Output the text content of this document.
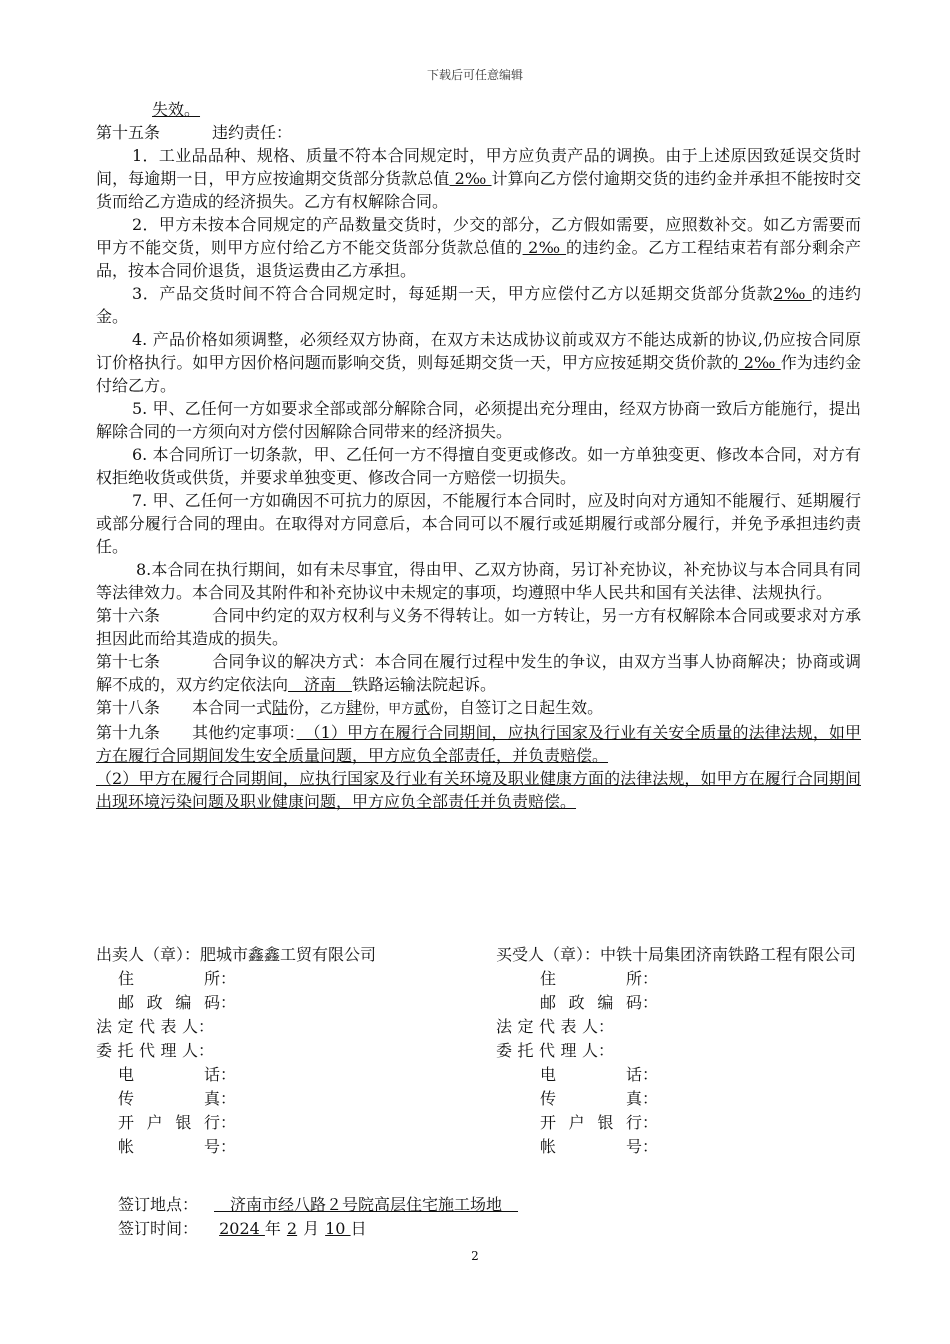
下载后可任意编辑

失效。

第十五条	违约责任：

1．工业品品种、规格、质量不符本合同规定时，甲方应负责产品的调换。由于上述原因致延误交货时间，每逾期一日，甲方应按逾期交货部分货款总值 2‰ 计算向乙方偿付逾期交货的违约金并承担不能按时交货而给乙方造成的经济损失。乙方有权解除合同。

2．甲方未按本合同规定的产品数量交货时，少交的部分，乙方假如需要，应照数补交。如乙方需要而甲方不能交货，则甲方应付给乙方不能交货部分货款总值的 2‰ 的违约金。乙方工程结束若有部分剩余产品，按本合同价退货，退货运费由乙方承担。

3．产品交货时间不符合合同规定时，每延期一天，甲方应偿付乙方以延期交货部分货款2‰ 的违约金。

4. 产品价格如须调整，必须经双方协商，在双方未达成协议前或双方不能达成新的协议,仍应按合同原订价格执行。如甲方因价格问题而影响交货，则每延期交货一天，甲方应按延期交货价款的 2‰ 作为违约金付给乙方。

5. 甲、乙任何一方如要求全部或部分解除合同，必须提出充分理由，经双方协商一致后方能施行，提出解除合同的一方须向对方偿付因解除合同带来的经济损失。

6. 本合同所订一切条款，甲、乙任何一方不得擅自变更或修改。如一方单独变更、修改本合同，对方有权拒绝收货或供货，并要求单独变更、修改合同一方赔偿一切损失。

7. 甲、乙任何一方如确因不可抗力的原因，不能履行本合同时，应及时向对方通知不能履行、延期履行或部分履行合同的理由。在取得对方同意后，本合同可以不履行或延期履行或部分履行，并免予承担违约责任。

8.本合同在执行期间，如有未尽事宜，得由甲、乙双方协商，另订补充协议，补充协议与本合同具有同等法律效力。本合同及其附件和补充协议中未规定的事项，均遵照中华人民共和国有关法律、法规执行。

第十六条	合同中约定的双方权利与义务不得转让。如一方转让，另一方有权解除本合同或要求对方承担因此而给其造成的损失。

第十七条	合同争议的解决方式：本合同在履行过程中发生的争议，由双方当事人协商解决；协商或调解不成的，双方约定依法向　济南　铁路运输法院起诉。

第十八条 本合同一式陆份，乙方肆份，甲方贰份，自签订之日起生效。

第十九条 其他约定事项：　（1）甲方在履行合同期间，应执行国家及行业有关安全质量的法律法规，如甲方在履行合同期间发生安全质量问题，甲方应负全部责任，并负责赔偿。

（2）甲方在履行合同期间，应执行国家及行业有关环境及职业健康方面的法律法规，如甲方在履行合同期间出现环境污染问题及职业健康问题，甲方应负全部责任并负责赔偿。

出卖人（章）：肥城市鑫鑫工贸有限公司	买受人（章）：中铁十局集团济南铁路工程有限公司
住所：	住所：
邮政编码：	邮政编码：
法定代表人：	法定代表人：
委托代理人：	委托代理人：
电话：	电话：
传真：	传真：
开户银行：	开户银行：
帐号：	帐号：
签订地点：　济南市经八路２号院高层住宅施工场地　
签订时间： 2024 年 2 月 10 日
2
